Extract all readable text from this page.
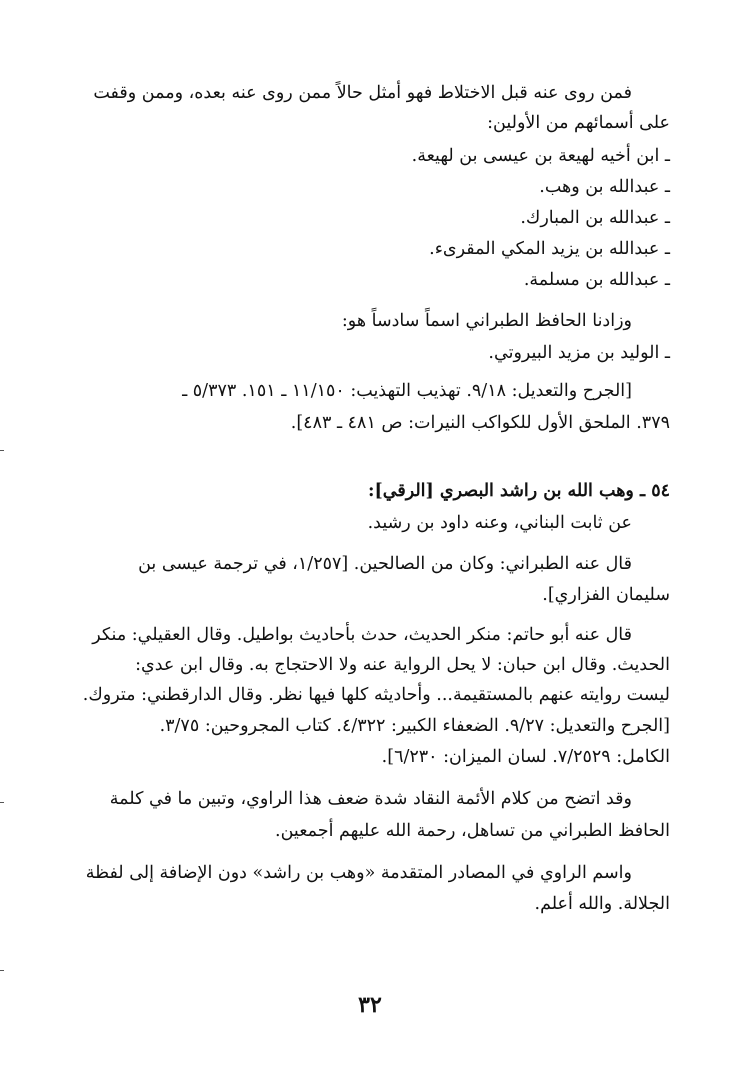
فمن روى عنه قبل الاختلاط فهو أمثل حالاً ممن روى عنه بعده، وممن وقفت
على أسمائهم من الأولين:
ـ ابن أخيه لهيعة بن عيسى بن لهيعة.
ـ عبدالله بن وهب.
ـ عبدالله بن المبارك.
ـ عبدالله بن يزيد المكي المقرىء.
ـ عبدالله بن مسلمة.
وزادنا الحافظ الطبراني اسماً سادساً هو:
ـ الوليد بن مزيد البيروتي.
[الجرح والتعديل: ٩/١٨. تهذيب التهذيب: ١١/١٥٠ ـ ١٥١. ٥/٣٧٣ ـ
٣٧٩. الملحق الأول للكواكب النيرات: ص ٤٨١ ـ ٤٨٣].
٥٤ ـ وهب الله بن راشد البصري [الرقي]:
عن ثابت البناني، وعنه داود بن رشيد.
قال عنه الطبراني: وكان من الصالحين. [١/٢٥٧، في ترجمة عيسى بن
سليمان الفزاري].
قال عنه أبو حاتم: منكر الحديث، حدث بأحاديث بواطيل. وقال العقيلي: منكر
الحديث. وقال ابن حبان: لا يحل الرواية عنه ولا الاحتجاج به. وقال ابن عدي:
ليست روايته عنهم بالمستقيمة... وأحاديثه كلها فيها نظر. وقال الدارقطني: متروك.
[الجرح والتعديل: ٩/٢٧. الضعفاء الكبير: ٤/٣٢٢. كتاب المجروحين: ٣/٧٥.
الكامل: ٧/٢٥٢٩. لسان الميزان: ٦/٢٣٠].
وقد اتضح من كلام الأئمة النقاد شدة ضعف هذا الراوي، وتبين ما في كلمة
الحافظ الطبراني من تساهل، رحمة الله عليهم أجمعين.
واسم الراوي في المصادر المتقدمة «وهب بن راشد» دون الإضافة إلى لفظة
الجلالة. والله أعلم.
٣٢
